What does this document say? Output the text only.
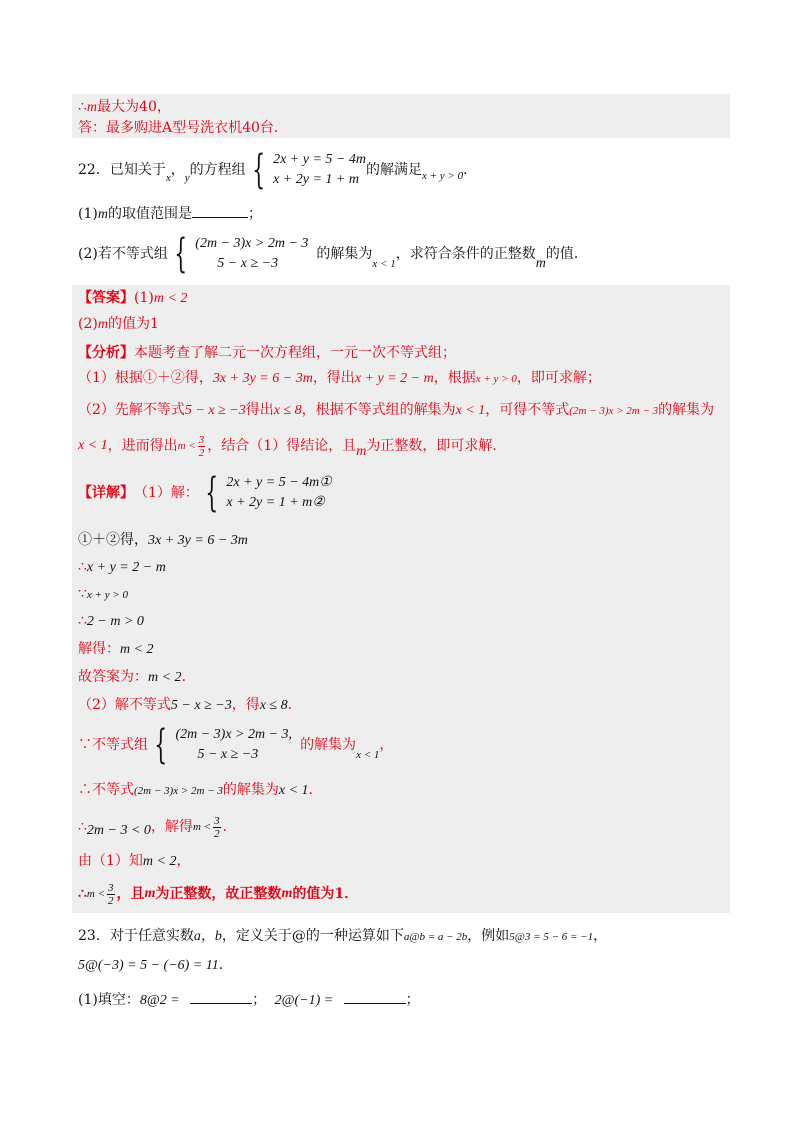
∴m最大为40，
答：最多购进A型号洗衣机40台．
22．已知关于 x ， y 的方程组 { 2x + y = 5 − 4m
x + 2y = 1 + m
的解满足 x + y > 0 ．
(1)m的取值范围是	；
(2)若不等式组 { (2m − 3)x > 2m − 3
5 − x ≥ −3
的解集为
x < 1
，求符合条件的正整数
m
的值．
【答案】(1)m < 2
(2)m的值为1
【分析】本题考查了解二元一次方程组，一元一次不等式组；
（1）根据①＋②得，3x + 3y = 6 − 3m，得出x + y = 2 − m，根据x + y > 0，即可求解；
（2）先解不等式5 − x ≥ −3得出x ≤ 8，根据不等式组的解集为x < 1，可得不等式(2m − 3)x > 2m − 3的解集为
x < 1 ，进而得出 $m < \frac{3}{2}$ ，结合（1）得结论，且 m 为正整数，即可求解．
【详解】 （1）解： { 2x + y = 5 − 4m①
x + 2y = 1 + m②
①＋②得，3x + 3y = 6 − 3m
∴x + y = 2 − m
∵x + y > 0
∴2 − m > 0
解得：m < 2
故答案为：m < 2．
（2）解不等式5 − x ≥ −3，得x ≤ 8．
∵不等式组 { (2m − 3)x > 2m − 3,
5 − x ≥ −3
的解集为
x < 1
，
∴不等式(2m − 3)x > 2m − 3的解集为x < 1．
∴ 2m − 3 < 0 ，解得 $m < \frac{3}{2}$ ．
由（1）知m < 2，
∴ $m < \frac{3}{2}$ ，且 m 为正整数，故正整数 m 的值为1．
23．对于任意实数a，b，定义关于@的一种运算如下a@b = a − 2b，例如5@3 = 5 − 6 = −1，
5@(−3) = 5 − (−6) = 11．
(1)填空：8@2 =	； 2@(−1) =	；
